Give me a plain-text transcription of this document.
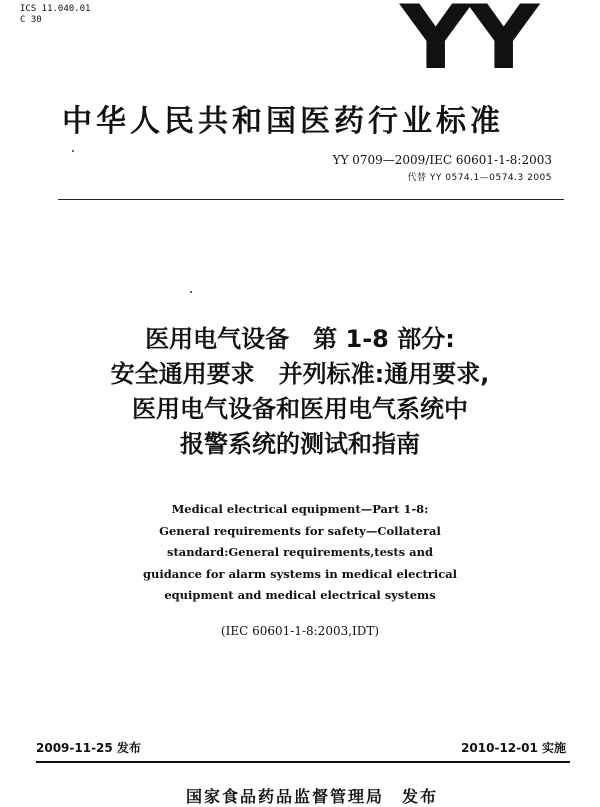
ICS 11.040.01
C 30	YY
中华人民共和国医药行业标准
YY 0709—2009/IEC 60601-1-8:2003
代替 YY 0574.1—0574.3 2005
医用电气设备　第 1-8 部分:
安全通用要求　并列标准:通用要求,
医用电气设备和医用电气系统中
报警系统的测试和指南
Medical electrical equipment—Part 1-8:
General requirements for safety—Collateral
standard:General requirements,tests and
guidance for alarm systems in medical electrical
equipment and medical electrical systems
(IEC 60601-1-8:2003,IDT)
2009-11-25 发布	2010-12-01 实施
国家食品药品监督管理局　发布
